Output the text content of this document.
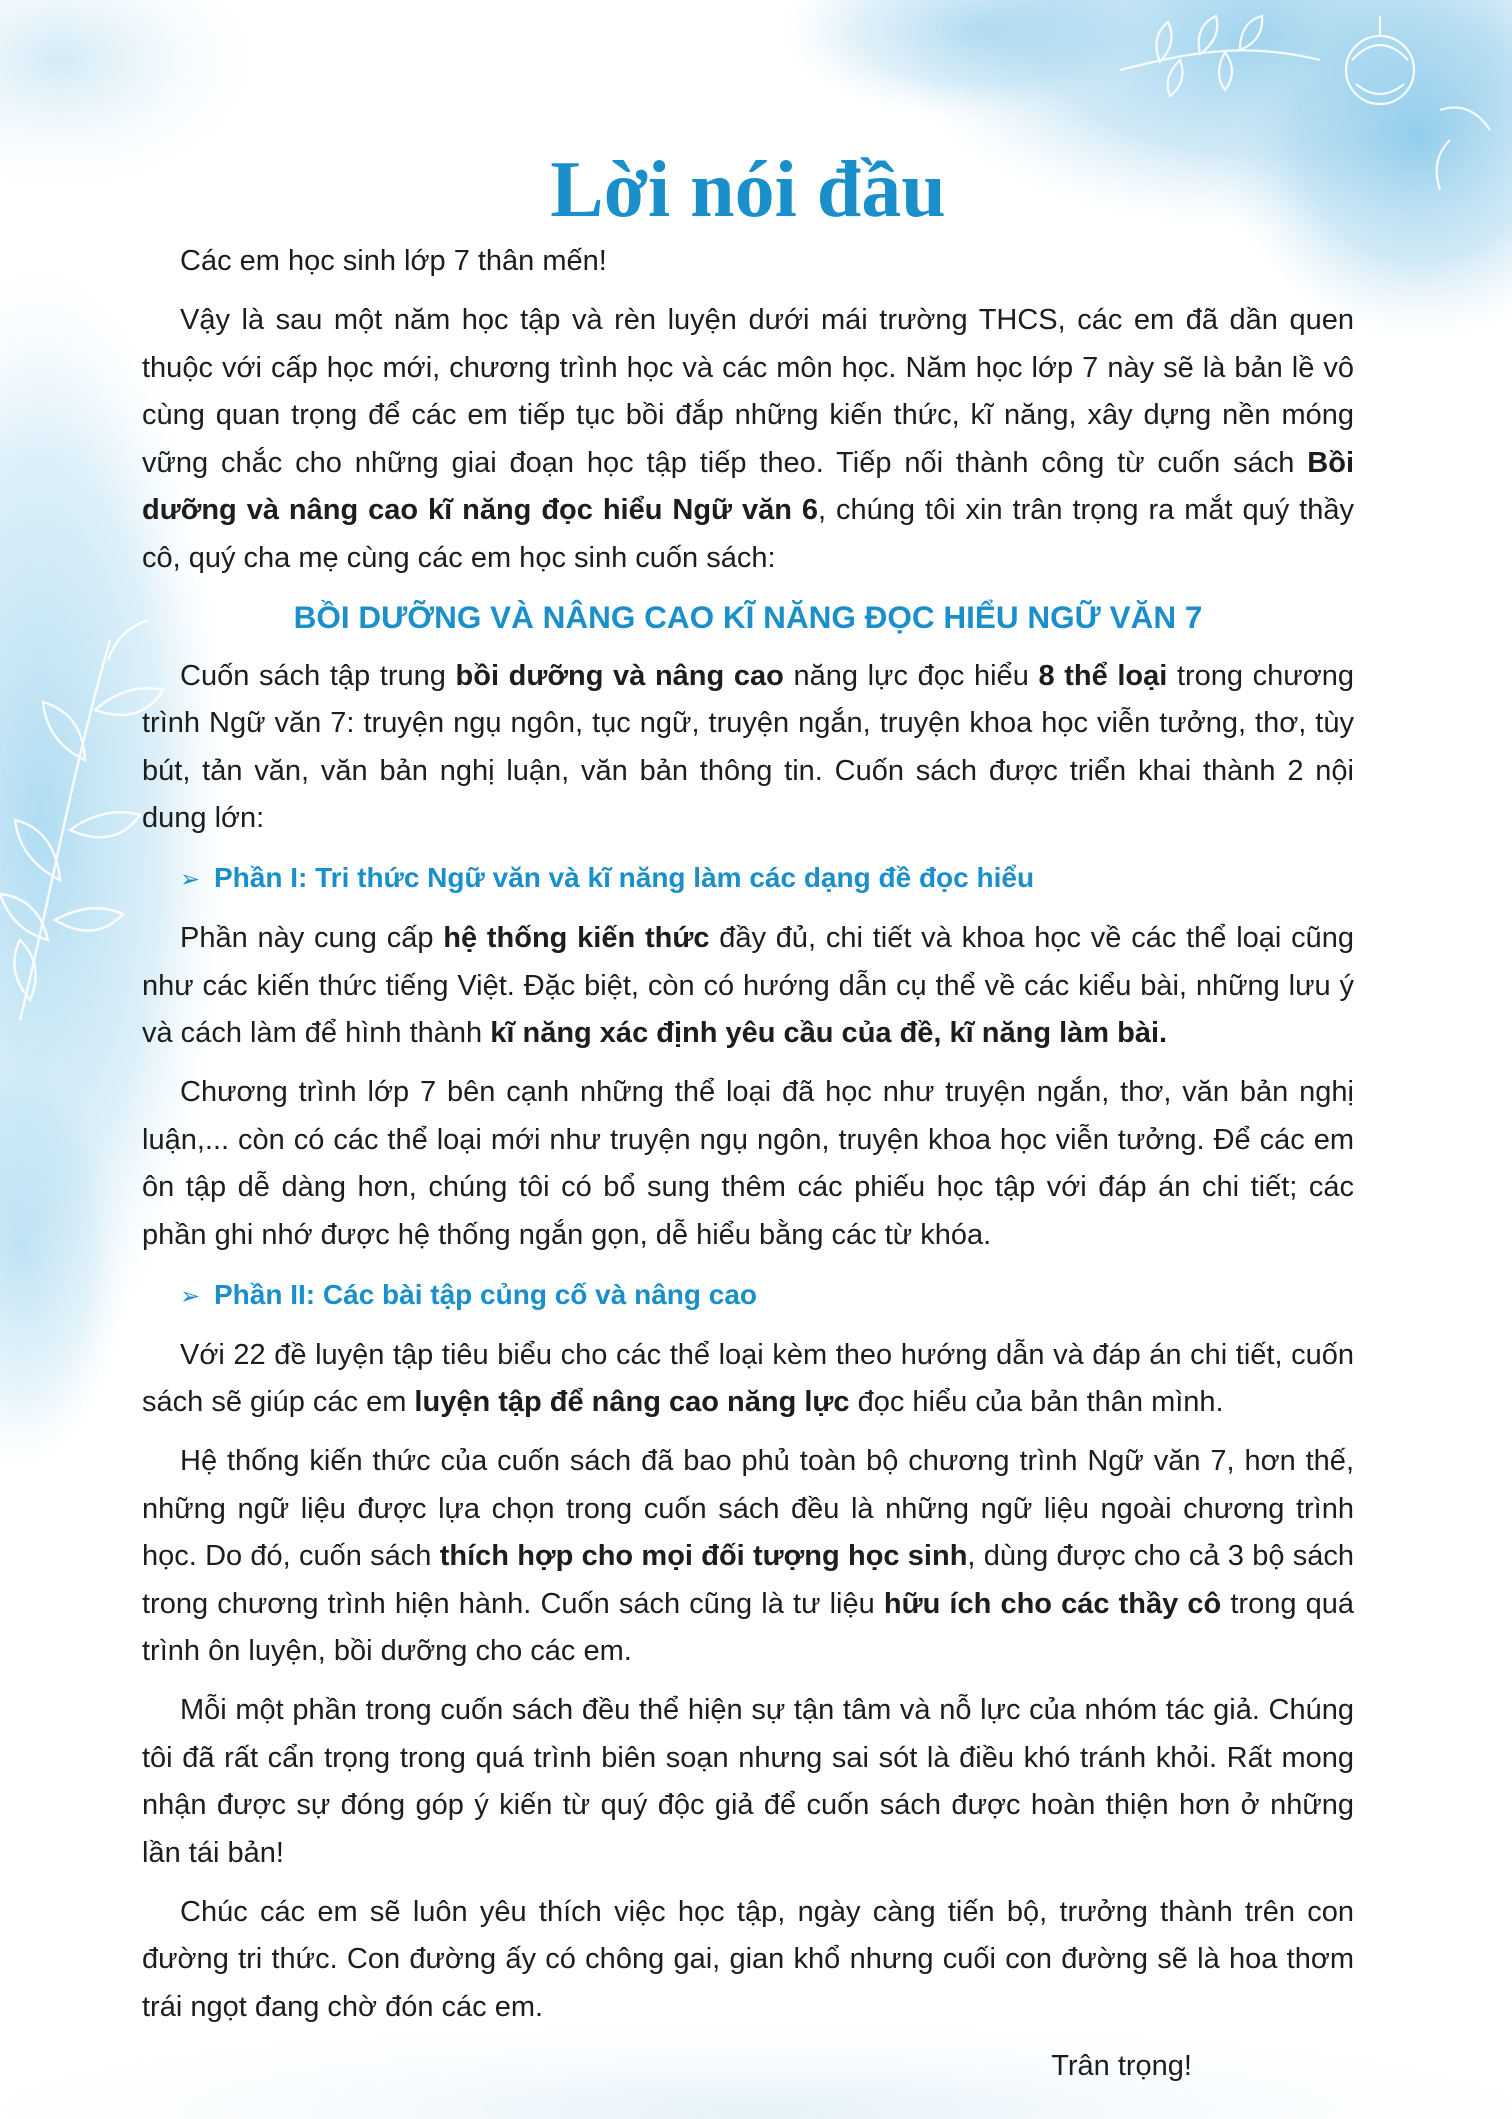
Lời nói đầu

Các em học sinh lớp 7 thân mến!

Vậy là sau một năm học tập và rèn luyện dưới mái trường THCS, các em đã dần quen thuộc với cấp học mới, chương trình học và các môn học. Năm học lớp 7 này sẽ là bản lề vô cùng quan trọng để các em tiếp tục bồi đắp những kiến thức, kĩ năng, xây dựng nền móng vững chắc cho những giai đoạn học tập tiếp theo. Tiếp nối thành công từ cuốn sách Bồi dưỡng và nâng cao kĩ năng đọc hiểu Ngữ văn 6, chúng tôi xin trân trọng ra mắt quý thầy cô, quý cha mẹ cùng các em học sinh cuốn sách:

BỒI DƯỠNG VÀ NÂNG CAO KĨ NĂNG ĐỌC HIỂU NGỮ VĂN 7

Cuốn sách tập trung bồi dưỡng và nâng cao năng lực đọc hiểu 8 thể loại trong chương trình Ngữ văn 7: truyện ngụ ngôn, tục ngữ, truyện ngắn, truyện khoa học viễn tưởng, thơ, tùy bút, tản văn, văn bản nghị luận, văn bản thông tin. Cuốn sách được triển khai thành 2 nội dung lớn:

➢ Phần I: Tri thức Ngữ văn và kĩ năng làm các dạng đề đọc hiểu

Phần này cung cấp hệ thống kiến thức đầy đủ, chi tiết và khoa học về các thể loại cũng như các kiến thức tiếng Việt. Đặc biệt, còn có hướng dẫn cụ thể về các kiểu bài, những lưu ý và cách làm để hình thành kĩ năng xác định yêu cầu của đề, kĩ năng làm bài.

Chương trình lớp 7 bên cạnh những thể loại đã học như truyện ngắn, thơ, văn bản nghị luận,... còn có các thể loại mới như truyện ngụ ngôn, truyện khoa học viễn tưởng. Để các em ôn tập dễ dàng hơn, chúng tôi có bổ sung thêm các phiếu học tập với đáp án chi tiết; các phần ghi nhớ được hệ thống ngắn gọn, dễ hiểu bằng các từ khóa.

➢ Phần II: Các bài tập củng cố và nâng cao

Với 22 đề luyện tập tiêu biểu cho các thể loại kèm theo hướng dẫn và đáp án chi tiết, cuốn sách sẽ giúp các em luyện tập để nâng cao năng lực đọc hiểu của bản thân mình.

Hệ thống kiến thức của cuốn sách đã bao phủ toàn bộ chương trình Ngữ văn 7, hơn thế, những ngữ liệu được lựa chọn trong cuốn sách đều là những ngữ liệu ngoài chương trình học. Do đó, cuốn sách thích hợp cho mọi đối tượng học sinh, dùng được cho cả 3 bộ sách trong chương trình hiện hành. Cuốn sách cũng là tư liệu hữu ích cho các thầy cô trong quá trình ôn luyện, bồi dưỡng cho các em.

Mỗi một phần trong cuốn sách đều thể hiện sự tận tâm và nỗ lực của nhóm tác giả. Chúng tôi đã rất cẩn trọng trong quá trình biên soạn nhưng sai sót là điều khó tránh khỏi. Rất mong nhận được sự đóng góp ý kiến từ quý độc giả để cuốn sách được hoàn thiện hơn ở những lần tái bản!

Chúc các em sẽ luôn yêu thích việc học tập, ngày càng tiến bộ, trưởng thành trên con đường tri thức. Con đường ấy có chông gai, gian khổ nhưng cuối con đường sẽ là hoa thơm trái ngọt đang chờ đón các em.

Trân trọng!
